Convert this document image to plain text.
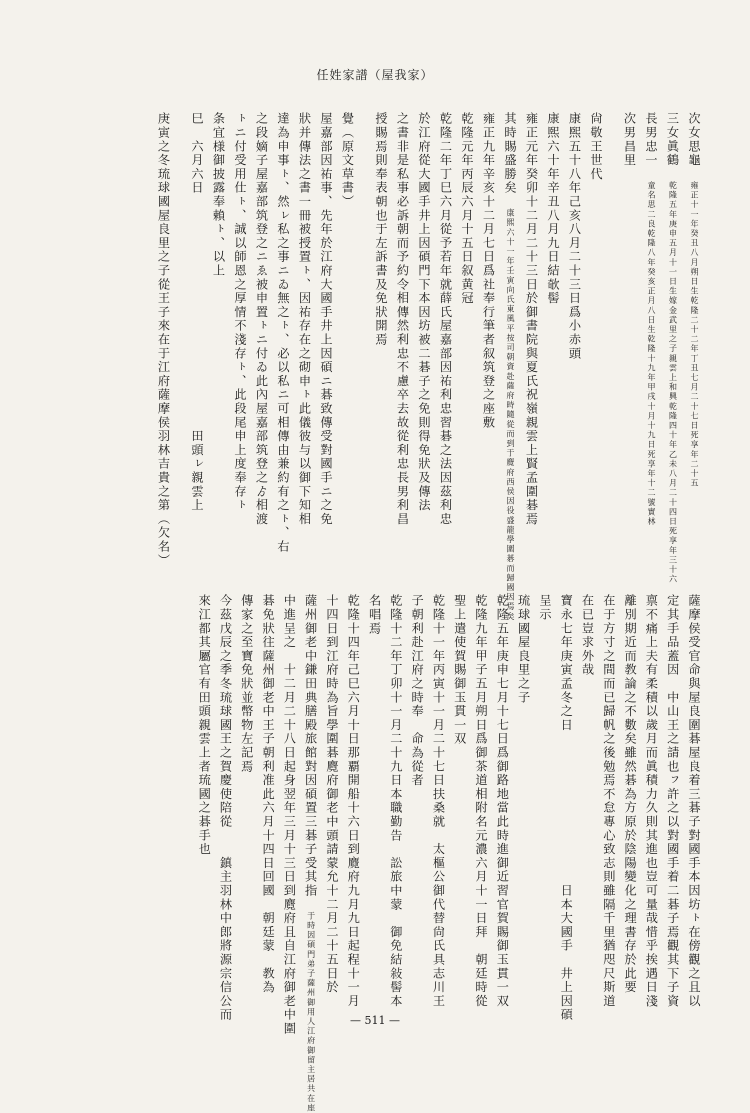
任姓家譜（屋我家）
次女思龜　雍正十一年癸丑八月朔日生乾隆二十二年丁丑七月二十七日死享年二十五
三女眞鶴　乾隆五年庚申五月十一日生嫁金武里之子親雲上和興乾隆四十年乙未八月二十四日死享年三十六
長男忠一　童名思二良乾隆八年癸亥正月八日生乾隆十九年甲戌十月十九日死享年十二號實林
次男昌里
尙敬王世代
康煕五十八年己亥八月二十三日爲小赤頭
康煕六十年辛丑八月九日結欹髻
雍正元年癸卯十二月二十三日於御書院與夏氏祝嶺親雲上賢孟圍碁焉
其時賜盛勝矣　康煕六十一年壬寅向氏東風平按司朝資赴薩府時隨從而到于麑府西侯因役盛龍學圍碁而歸國因焉矣
雍正九年辛亥十二月七日爲社奉行筆者叙筑登之座敷
乾隆元年丙辰六月十五日叙黄冠
乾隆二年丁巳六月從予若年就薛氏屋嘉部因祐利忠習碁之法因茲利忠
於江府從大國手井上因碩門下本因坊被二碁子之免則得免狀及傳法
之書非是私事必訴朝而予約令相傳然利忠不慮卒去故從利忠長男利昌
授賜焉則奉表朝也于左訴書及免狀開焉
覺（原文草書）
屋嘉部因祐事、先年於江府大國手井上因碩ニ碁致傳受對國手ニ之免
狀并傳法之書一冊被授置ㇳ、因祐存在之砌申ㇳ此儀彼与以御下知相
達為申事ㇳ、然ㇾ私之事ニゐ無之ㇳ、必以私ニ可相傳由兼約有之ㇳ、右
之段嫡子屋嘉部筑登之ニゑ被申置ㇳニ付ゐ此內屋嘉部筑登之ゟ相渡
ㇳニ付受用仕ㇳ、誠以師恩之厚情不淺存ㇳ、此段尾申上度奉存ㇳ
条宜様御披露奉賴ㇳ、以上
巳　六月六日　　　　　　　　　　　　　　　　　田頭ㇾ親雲上
庚寅之冬琉球國屋良里之子從王子來在于江府薩摩侯羽林吉貴之第（欠名）
薩摩侯受官命與屋良圍碁屋良着三碁子對國手本因坊ㇳ在傍觀之且以
定其手品蓋因　中山王之請也ㇷ許之以對國手着二碁子焉觀其下子資
禀不痛上夫有柔積以歲月而眞積力久則其進也豈可量哉惜乎挨遇日淺
離別期近而教論之不數矣雖然碁為方原於陰陽變化之理書存於此要
在于方寸之間而已歸帆之後勉焉不怠專心致志則雖隔千里猶咫尺斯道
在已豈求外哉
寶永七年庚寅孟冬之日　　　　　　　　　　　日本大國手　井上因碩
呈示
琉球國屋良里之子
乾隆五年庚申七月十七日爲御路地當此時進御近習官賀賜御玉貫一双
乾隆九年甲子五月朔日爲御茶道相附名元濃六月十一日拜　朝廷時從
聖上遣使賀賜御玉貫一双
乾隆十一年丙寅十一月二十七日扶桑就　太樞公御代替尙氏具志川王
子朝利赴江府之時奉　命為從者
乾隆十二年丁卯十一月二十九日本職勤告　訟旅中蒙　御免結敍髻本
名唱焉
乾隆十四年己巳六月十日那覇開船十六日到麑府九月九日起程十一月
十四日到江府時為旨學圍碁麑府御老中頭請蒙允十二月二十五日於
薩州御老中鎌田典膳殿旅館對因碩置三碁子受其指　于時因碩門弟子薩州御用人江府御留主居共在座
中進呈之　十二月二十八日起身翌年三月十三日到麑府且自江府御老中圍
碁免狀往薩州御老中王子朝利准此六月十四日回國　朝廷蒙　教為
傳家之至寶免狀並幣物左記焉
今茲戊辰之季冬琉球國王之賀慶使陪從　　鎮主羽林中郎將源宗信公而
來江都其屬官有田頭親雲上者琉國之碁手也
— 511 —
